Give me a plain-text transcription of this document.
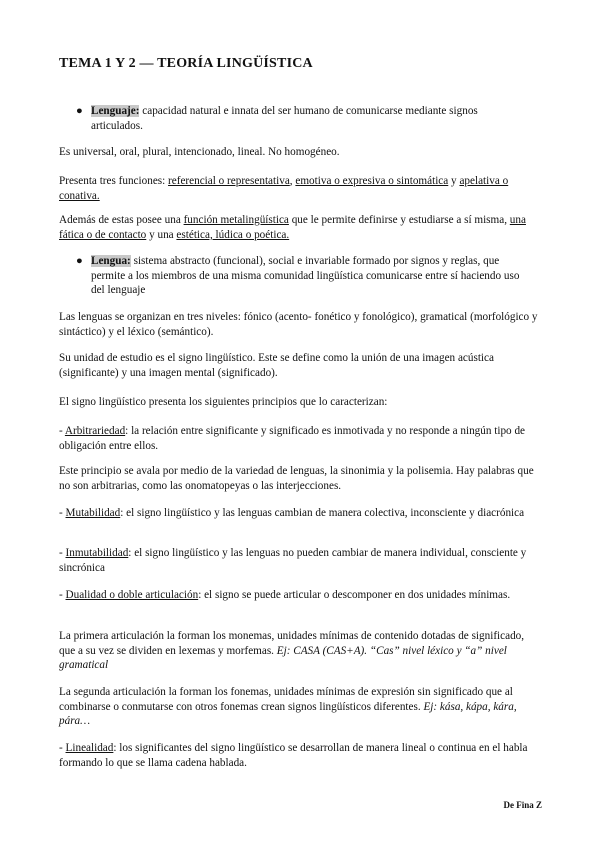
TEMA 1 Y 2 — TEORÍA LINGÜÍSTICA
● Lenguaje: capacidad natural e innata del ser humano de comunicarse mediante signos articulados.
Es universal, oral, plural, intencionado, lineal. No homogéneo.
Presenta tres funciones: referencial o representativa, emotiva o expresiva o sintomática y apelativa o conativa.
Además de estas posee una función metalingüística que le permite definirse y estudiarse a sí misma, una fática o de contacto y una estética, lúdica o poética.
● Lengua: sistema abstracto (funcional), social e invariable formado por signos y reglas, que permite a los miembros de una misma comunidad lingüística comunicarse entre sí haciendo uso del lenguaje
Las lenguas se organizan en tres niveles: fónico (acento- fonético y fonológico), gramatical (morfológico y sintáctico) y el léxico (semántico).
Su unidad de estudio es el signo lingüístico. Este se define como la unión de una imagen acústica (significante) y una imagen mental (significado).
El signo lingüístico presenta los siguientes principios que lo caracterizan:
- Arbitrariedad: la relación entre significante y significado es inmotivada y no responde a ningún tipo de obligación entre ellos.
Este principio se avala por medio de la variedad de lenguas, la sinonimia y la polisemia. Hay palabras que no son arbitrarias, como las onomatopeyas o las interjecciones.
- Mutabilidad: el signo lingüístico y las lenguas cambian de manera colectiva, inconsciente y diacrónica
- Inmutabilidad: el signo lingüístico y las lenguas no pueden cambiar de manera individual, consciente y sincrónica
- Dualidad o doble articulación: el signo se puede articular o descomponer en dos unidades mínimas.
La primera articulación la forman los monemas, unidades mínimas de contenido dotadas de significado, que a su vez se dividen en lexemas y morfemas. Ej: CASA (CAS+A). “Cas” nivel léxico y “a” nivel gramatical
La segunda articulación la forman los fonemas, unidades mínimas de expresión sin significado que al combinarse o conmutarse con otros fonemas crean signos lingüísticos diferentes. Ej: kása, kápa, kára, pára…
- Linealidad: los significantes del signo lingüístico se desarrollan de manera lineal o continua en el habla formando lo que se llama cadena hablada.
De Fina Z
